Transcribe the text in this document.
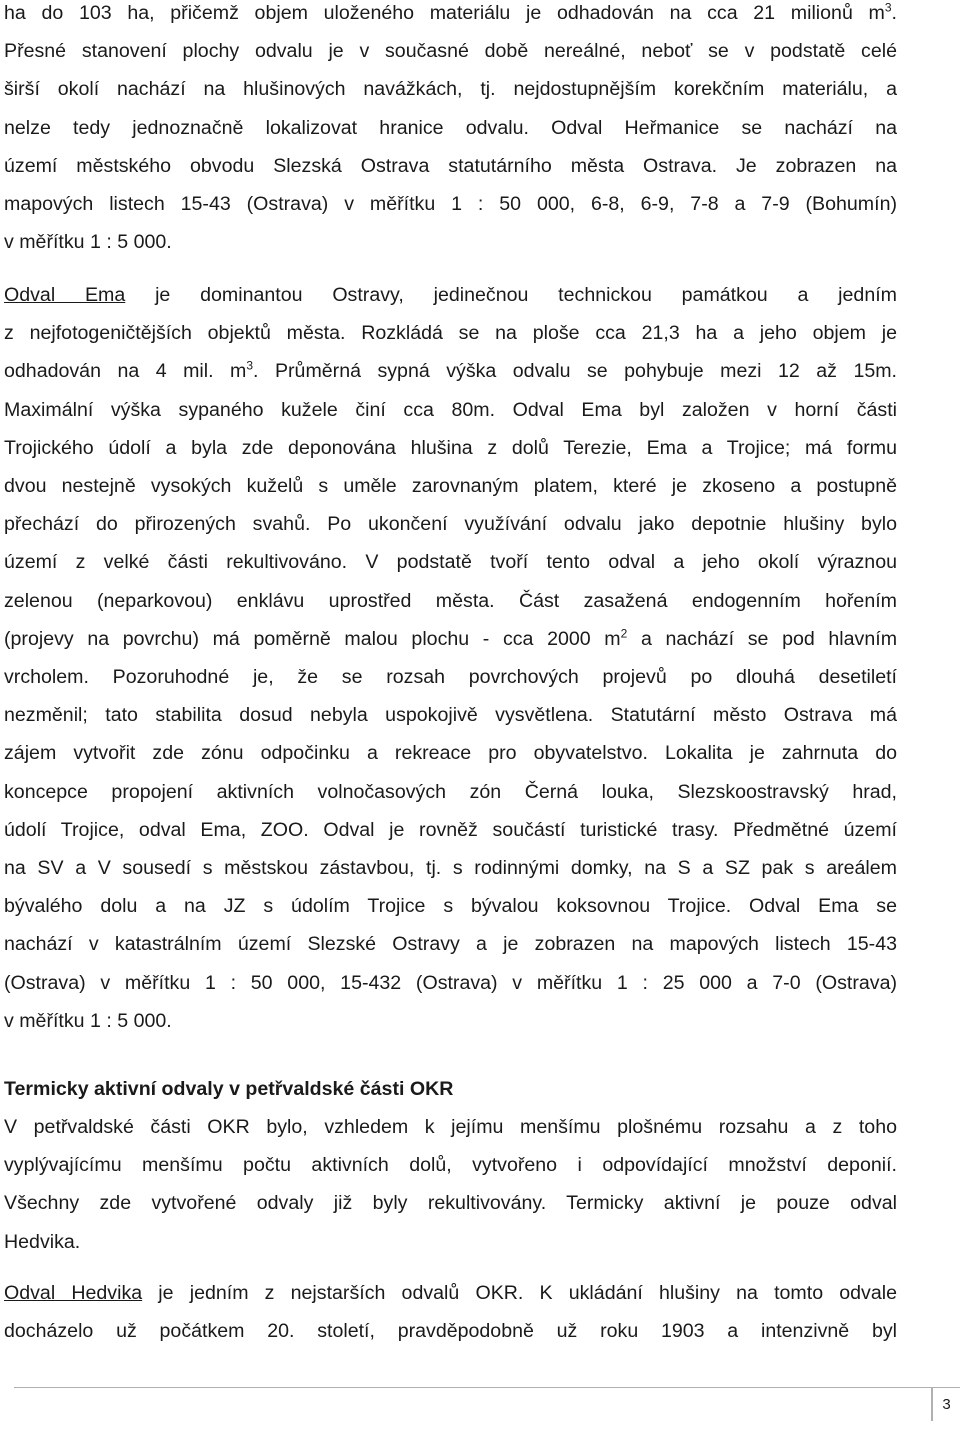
ha do 103 ha, přičemž objem uloženého materiálu je odhadován na cca 21 milionů $m^3$.
Přesné stanovení plochy odvalu je v současné době nereálné, neboť se v podstatě celé
širší okolí nachází na hlušinových navážkách, tj. nejdostupnějším korekčním materiálu, a
nelze tedy jednoznačně lokalizovat hranice odvalu. Odval Heřmanice se nachází na
území městského obvodu Slezská Ostrava statutárního města Ostrava. Je zobrazen na
mapových listech 15-43 (Ostrava) v měřítku 1 : 50 000, 6-8, 6-9, 7-8 a 7-9 (Bohumín)
v měřítku 1 : 5 000.
Odval Ema je dominantou Ostravy, jedinečnou technickou památkou a jedním
z nejfotogeničtějších objektů města. Rozkládá se na ploše cca 21,3 ha a jeho objem je
odhadován na 4 mil. $m^3$. Průměrná sypná výška odvalu se pohybuje mezi 12 až 15m.
Maximální výška sypaného kužele činí cca 80m. Odval Ema byl založen v horní části
Trojického údolí a byla zde deponována hlušina z dolů Terezie, Ema a Trojice; má formu
dvou nestejně vysokých kuželů s uměle zarovnaným platem, které je zkoseno a postupně
přechází do přirozených svahů. Po ukončení využívání odvalu jako depotnie hlušiny bylo
území z velké části rekultivováno. V podstatě tvoří tento odval a jeho okolí výraznou
zelenou (neparkovou) enklávu uprostřed města. Část zasažená endogenním hořením
(projevy na povrchu) má poměrně malou plochu - cca 2000 $m^2$ a nachází se pod hlavním
vrcholem. Pozoruhodné je, že se rozsah povrchových projevů po dlouhá desetiletí
nezměnil; tato stabilita dosud nebyla uspokojivě vysvětlena. Statutární město Ostrava má
zájem vytvořit zde zónu odpočinku a rekreace pro obyvatelstvo. Lokalita je zahrnuta do
koncepce propojení aktivních volnočasových zón Černá louka, Slezskoostravský hrad,
údolí Trojice, odval Ema, ZOO. Odval je rovněž součástí turistické trasy. Předmětné území
na SV a V sousedí s městskou zástavbou, tj. s rodinnými domky, na S a SZ pak s areálem
bývalého dolu a na JZ s údolím Trojice s bývalou koksovnou Trojice. Odval Ema se
nachází v katastrálním území Slezské Ostravy a je zobrazen na mapových listech 15-43
(Ostrava) v měřítku 1 : 50 000, 15-432 (Ostrava) v měřítku 1 : 25 000 a 7-0 (Ostrava)
v měřítku 1 : 5 000.
Termicky aktivní odvaly v petřvaldské části OKR
V petřvaldské části OKR bylo, vzhledem k jejímu menšímu plošnému rozsahu a z toho
vyplývajícímu menšímu počtu aktivních dolů, vytvořeno i odpovídající množství deponií.
Všechny zde vytvořené odvaly již byly rekultivovány. Termicky aktivní je pouze odval
Hedvika.
Odval Hedvika je jedním z nejstarších odvalů OKR. K ukládání hlušiny na tomto odvale
docházelo už počátkem 20. století, pravděpodobně už roku 1903 a intenzivně byl
3
